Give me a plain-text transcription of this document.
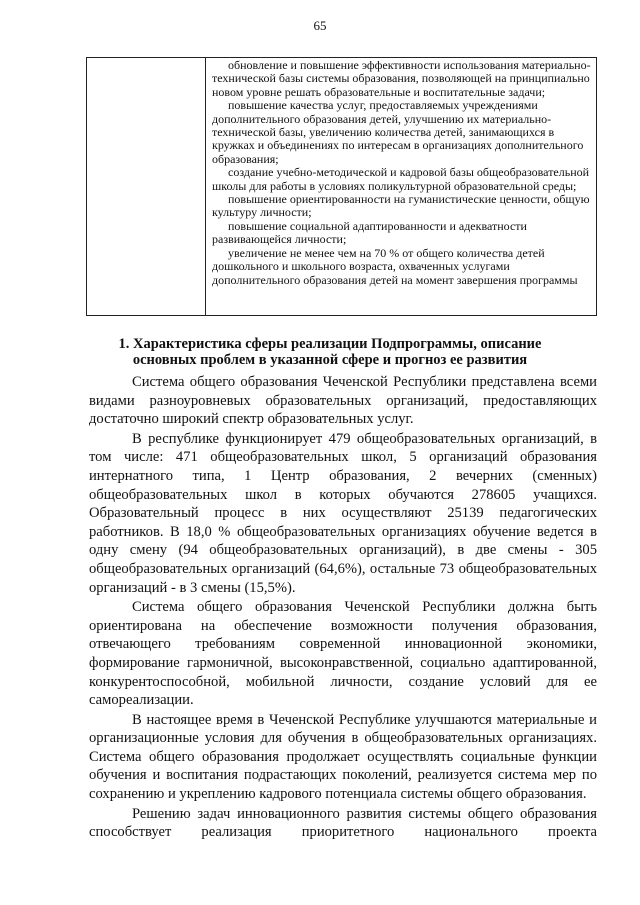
65

обновление и повышение эффективности использования материально-технической базы системы образования, позволяющей на принципиально новом уровне решать образовательные и воспитательные задачи;

повышение качества услуг, предоставляемых учреждениями дополнительного образования детей, улучшению их материально-технической базы, увеличению количества детей, занимающихся в кружках и объединениях по интересам в организациях дополнительного образования;

создание учебно-методической и кадровой базы общеобразовательной школы для работы в условиях поликультурной образовательной среды;

повышение ориентированности на гуманистические ценности, общую культуру личности;

повышение социальной адаптированности и адекватности развивающейся личности;

увеличение не менее чем на 70 % от общего количества детей дошкольного и школьного возраста, охваченных услугами дополнительного образования детей на момент завершения программы

1. Характеристика сферы реализации Подпрограммы, описание
основных проблем в указанной сфере и прогноз ее развития

Система общего образования Чеченской Республики представлена всеми видами разноуровневых образовательных организаций, предоставляющих достаточно широкий спектр образовательных услуг.

В республике функционирует 479 общеобразовательных организаций, в том числе: 471 общеобразовательных школ, 5 организаций образования интернатного типа, 1 Центр образования, 2 вечерних (сменных) общеобразовательных школ в которых обучаются 278605 учащихся. Образовательный процесс в них осуществляют 25139 педагогических работников. В 18,0 % общеобразовательных организациях обучение ведется в одну смену (94 общеобразовательных организаций), в две смены - 305 общеобразовательных организаций (64,6%), остальные 73 общеобразовательных организаций - в 3 смены (15,5%).

Система общего образования Чеченской Республики должна быть ориентирована на обеспечение возможности получения образования, отвечающего требованиям современной инновационной экономики, формирование гармоничной, высоконравственной, социально адаптированной, конкурентоспособной, мобильной личности, создание условий для ее самореализации.

В настоящее время в Чеченской Республике улучшаются материальные и организационные условия для обучения в общеобразовательных организациях. Система общего образования продолжает осуществлять социальные функции обучения и воспитания подрастающих поколений, реализуется система мер по сохранению и укреплению кадрового потенциала системы общего образования.

Решению задач инновационного развития системы общего образования способствует реализация приоритетного национального проекта
